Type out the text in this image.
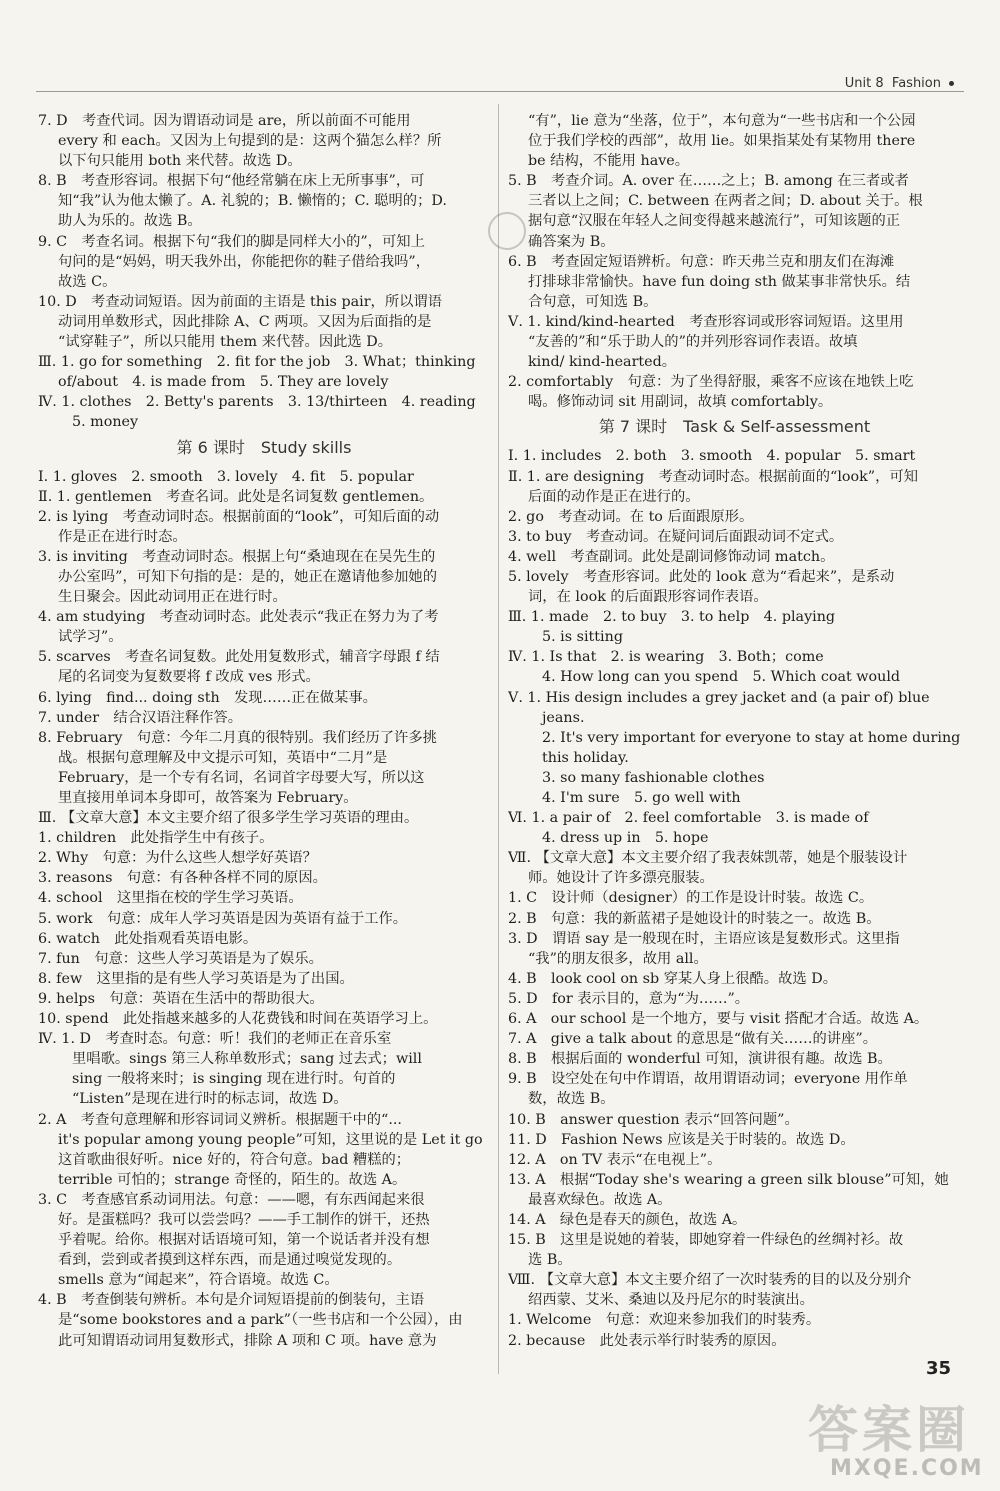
Unit 8 Fashion
7. D　考查代词。因为谓语动词是 are，所以前面不可能用
every 和 each。又因为上句提到的是：这两个猫怎么样？所
以下句只能用 both 来代替。故选 D。
8. B　考查形容词。根据下句“他经常躺在床上无所事事”，可
知“我”认为他太懒了。A. 礼貌的；B. 懒惰的；C. 聪明的；D.
助人为乐的。故选 B。
9. C　考查名词。根据下句“我们的脚是同样大小的”，可知上
句问的是“妈妈，明天我外出，你能把你的鞋子借给我吗”，
故选 C。
10. D　考查动词短语。因为前面的主语是 this pair，所以谓语
动词用单数形式，因此排除 A、C 两项。又因为后面指的是
“试穿鞋子”，所以只能用 them 来代替。因此选 D。
Ⅲ. 1. go for something　2. fit for the job　3. What；thinking
of/about　4. is made from　5. They are lovely
Ⅳ. 1. clothes　2. Betty's parents　3. 13/thirteen　4. reading
5. money
第 6 课时　Study skills
Ⅰ. 1. gloves　2. smooth　3. lovely　4. fit　5. popular
Ⅱ. 1. gentlemen　考查名词。此处是名词复数 gentlemen。
2. is lying　考查动词时态。根据前面的“look”，可知后面的动
作是正在进行时态。
3. is inviting　考查动词时态。根据上句“桑迪现在在吴先生的
办公室吗”，可知下句指的是：是的，她正在邀请他参加她的
生日聚会。因此动词用正在进行时。
4. am studying　考查动词时态。此处表示“我正在努力为了考
试学习”。
5. scarves　考查名词复数。此处用复数形式，辅音字母跟 f 结
尾的名词变为复数要将 f 改成 ves 形式。
6. lying　find... doing sth　发现……正在做某事。
7. under　结合汉语注释作答。
8. February　句意：今年二月真的很特别。我们经历了许多挑
战。根据句意理解及中文提示可知，英语中“二月”是
February，是一个专有名词，名词首字母要大写，所以这
里直接用单词本身即可，故答案为 February。
Ⅲ. 【文章大意】本文主要介绍了很多学生学习英语的理由。
1. children　此处指学生中有孩子。
2. Why　句意：为什么这些人想学好英语？
3. reasons　句意：有各种各样不同的原因。
4. school　这里指在校的学生学习英语。
5. work　句意：成年人学习英语是因为英语有益于工作。
6. watch　此处指观看英语电影。
7. fun　句意：这些人学习英语是为了娱乐。
8. few　这里指的是有些人学习英语是为了出国。
9. helps　句意：英语在生活中的帮助很大。
10. spend　此处指越来越多的人花费钱和时间在英语学习上。
Ⅳ. 1. D　考查时态。句意：听！我们的老师正在音乐室
里唱歌。sings 第三人称单数形式；sang 过去式；will
sing 一般将来时；is singing 现在进行时。句首的
“Listen”是现在进行时的标志词，故选 D。
2. A　考查句意理解和形容词词义辨析。根据题干中的“...
it's popular among young people”可知，这里说的是 Let it go
这首歌曲很好听。nice 好的，符合句意。bad 糟糕的；
terrible 可怕的；strange 奇怪的，陌生的。故选 A。
3. C　考查感官系动词用法。句意：——嗯，有东西闻起来很
好。是蛋糕吗？我可以尝尝吗？——手工制作的饼干，还热
乎着呢。给你。根据对话语境可知，第一个说话者并没有想
看到，尝到或者摸到这样东西，而是通过嗅觉发现的。
smells 意为“闻起来”，符合语境。故选 C。
4. B　考查倒装句辨析。本句是介词短语提前的倒装句，主语
是“some bookstores and a park”（一些书店和一个公园），由
此可知谓语动词用复数形式，排除 A 项和 C 项。have 意为
“有”，lie 意为“坐落，位于”，本句意为“一些书店和一个公园
位于我们学校的西部”，故用 lie。如果指某处有某物用 there
be 结构，不能用 have。
5. B　考查介词。A. over 在……之上；B. among 在三者或者
三者以上之间；C. between 在两者之间；D. about 关于。根
据句意“汉服在年轻人之间变得越来越流行”，可知该题的正
确答案为 B。
6. B　考查固定短语辨析。句意：昨天弗兰克和朋友们在海滩
打排球非常愉快。have fun doing sth 做某事非常快乐。结
合句意，可知选 B。
Ⅴ. 1. kind/kind-hearted　考查形容词或形容词短语。这里用
“友善的”和“乐于助人的”的并列形容词作表语。故填
kind/ kind-hearted。
2. comfortably　句意：为了坐得舒服，乘客不应该在地铁上吃
喝。修饰动词 sit 用副词，故填 comfortably。
第 7 课时　Task & Self-assessment
Ⅰ. 1. includes　2. both　3. smooth　4. popular　5. smart
Ⅱ. 1. are designing　考查动词时态。根据前面的“look”，可知
后面的动作是正在进行的。
2. go　考查动词。在 to 后面跟原形。
3. to buy　考查动词。在疑问词后面跟动词不定式。
4. well　考查副词。此处是副词修饰动词 match。
5. lovely　考查形容词。此处的 look 意为“看起来”，是系动
词，在 look 的后面跟形容词作表语。
Ⅲ. 1. made　2. to buy　3. to help　4. playing
5. is sitting
Ⅳ. 1. Is that　2. is wearing　3. Both；come
4. How long can you spend　5. Which coat would
Ⅴ. 1. His design includes a grey jacket and (a pair of) blue
jeans.
2. It's very important for everyone to stay at home during
this holiday.
3. so many fashionable clothes
4. I'm sure　5. go well with
Ⅵ. 1. a pair of　2. feel comfortable　3. is made of
4. dress up in　5. hope
Ⅶ. 【文章大意】本文主要介绍了我表妹凯蒂，她是个服装设计
师。她设计了许多漂亮服装。
1. C　设计师（designer）的工作是设计时装。故选 C。
2. B　句意：我的新蓝裙子是她设计的时装之一。故选 B。
3. D　谓语 say 是一般现在时，主语应该是复数形式。这里指
“我”的朋友很多，故用 all。
4. B　look cool on sb 穿某人身上很酷。故选 D。
5. D　for 表示目的，意为“为……”。
6. A　our school 是一个地方，要与 visit 搭配才合适。故选 A。
7. A　give a talk about 的意思是“做有关……的讲座”。
8. B　根据后面的 wonderful 可知，演讲很有趣。故选 B。
9. B　设空处在句中作谓语，故用谓语动词；everyone 用作单
数，故选 B。
10. B　answer question 表示“回答问题”。
11. D　Fashion News 应该是关于时装的。故选 D。
12. A　on TV 表示“在电视上”。
13. A　根据“Today she's wearing a green silk blouse”可知，她
最喜欢绿色。故选 A。
14. A　绿色是春天的颜色，故选 A。
15. B　这里是说她的着装，即她穿着一件绿色的丝绸衬衫。故
选 B。
Ⅷ. 【文章大意】本文主要介绍了一次时装秀的目的以及分别介
绍西蒙、艾米、桑迪以及丹尼尔的时装演出。
1. Welcome　句意：欢迎来参加我们的时装秀。
2. because　此处表示举行时装秀的原因。
35
答案圈
MXQE.COM
